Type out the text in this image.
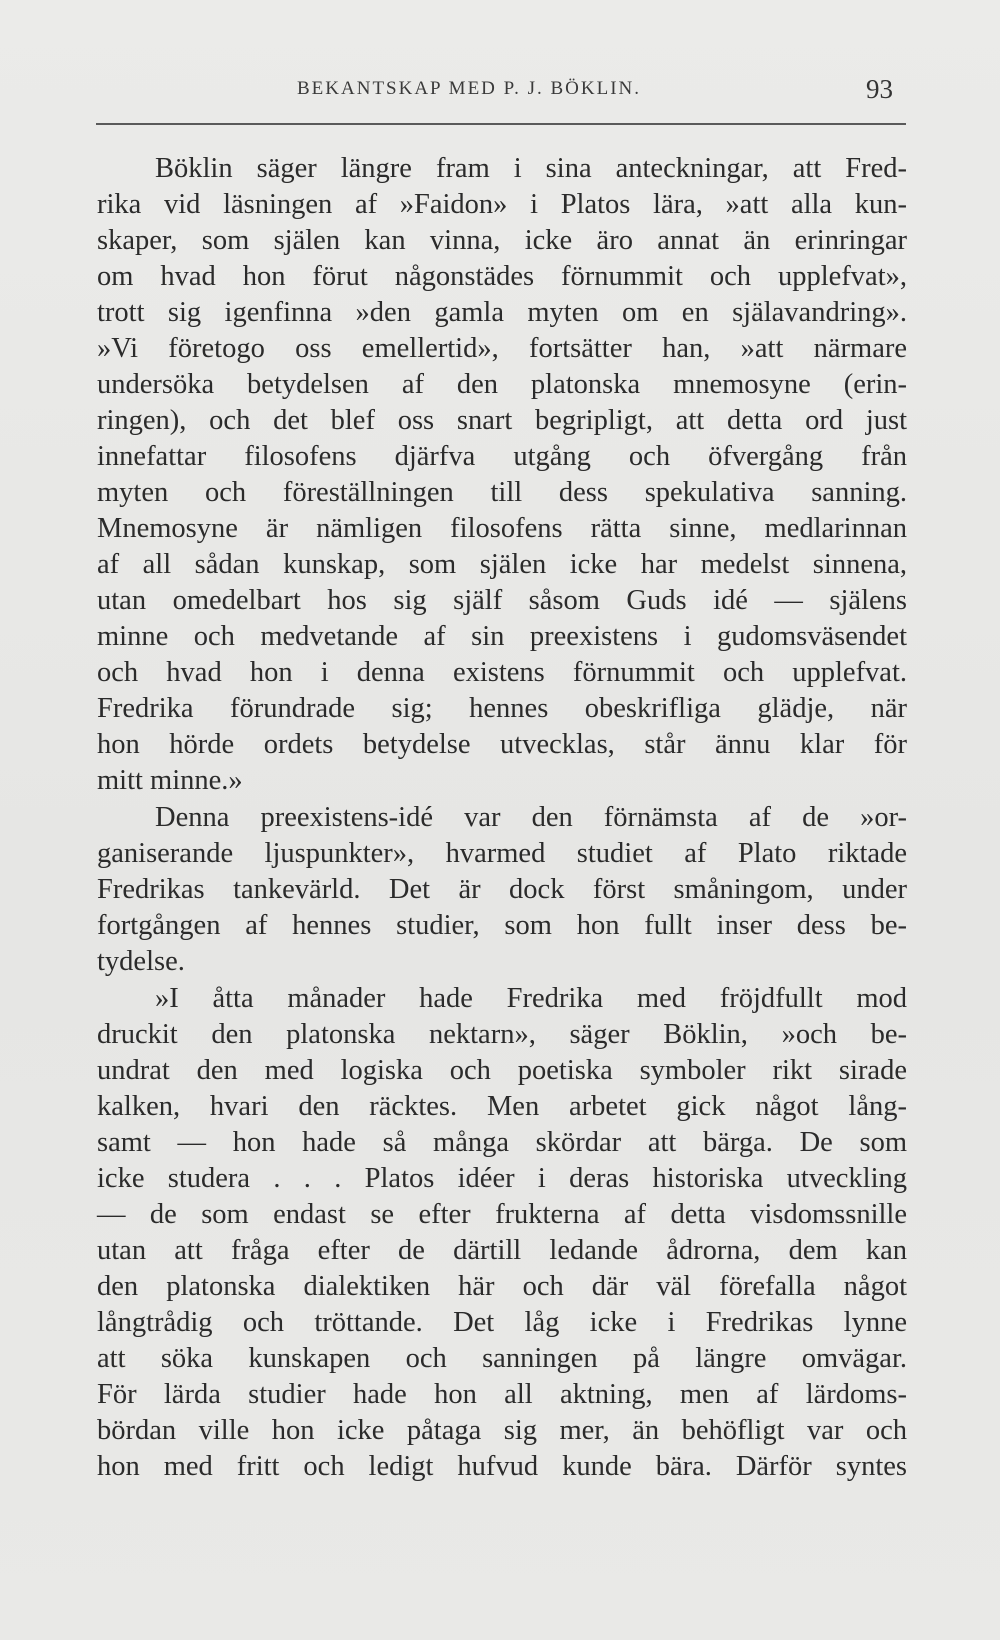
BEKANTSKAP MED P. J. BÖKLIN.	93
Böklin säger längre fram i sina anteckningar, att Fred-
rika vid läsningen af »Faidon» i Platos lära, »att alla kun-
skaper, som själen kan vinna, icke äro annat än erinringar
om hvad hon förut någonstädes förnummit och upplefvat»,
trott sig igenfinna »den gamla myten om en själavandring».
»Vi företogo oss emellertid», fortsätter han, »att närmare
undersöka betydelsen af den platonska mnemosyne (erin-
ringen), och det blef oss snart begripligt, att detta ord just
innefattar filosofens djärfva utgång och öfvergång från
myten och föreställningen till dess spekulativa sanning.
Mnemosyne är nämligen filosofens rätta sinne, medlarinnan
af all sådan kunskap, som själen icke har medelst sinnena,
utan omedelbart hos sig själf såsom Guds idé — själens
minne och medvetande af sin preexistens i gudomsväsendet
och hvad hon i denna existens förnummit och upplefvat.
Fredrika förundrade sig; hennes obeskrifliga glädje, när
hon hörde ordets betydelse utvecklas, står ännu klar för
mitt minne.»
Denna preexistens-idé var den förnämsta af de »or-
ganiserande ljuspunkter», hvarmed studiet af Plato riktade
Fredrikas tankevärld. Det är dock först småningom, under
fortgången af hennes studier, som hon fullt inser dess be-
tydelse.
»I åtta månader hade Fredrika med fröjdfullt mod
druckit den platonska nektarn», säger Böklin, »och be-
undrat den med logiska och poetiska symboler rikt sirade
kalken, hvari den räcktes. Men arbetet gick något lång-
samt — hon hade så många skördar att bärga. De som
icke studera . . . Platos idéer i deras historiska utveckling
— de som endast se efter frukterna af detta visdomssnille
utan att fråga efter de därtill ledande ådrorna, dem kan
den platonska dialektiken här och där väl förefalla något
långtrådig och tröttande. Det låg icke i Fredrikas lynne
att söka kunskapen och sanningen på längre omvägar.
För lärda studier hade hon all aktning, men af lärdoms-
bördan ville hon icke påtaga sig mer, än behöfligt var och
hon med fritt och ledigt hufvud kunde bära. Därför syntes
